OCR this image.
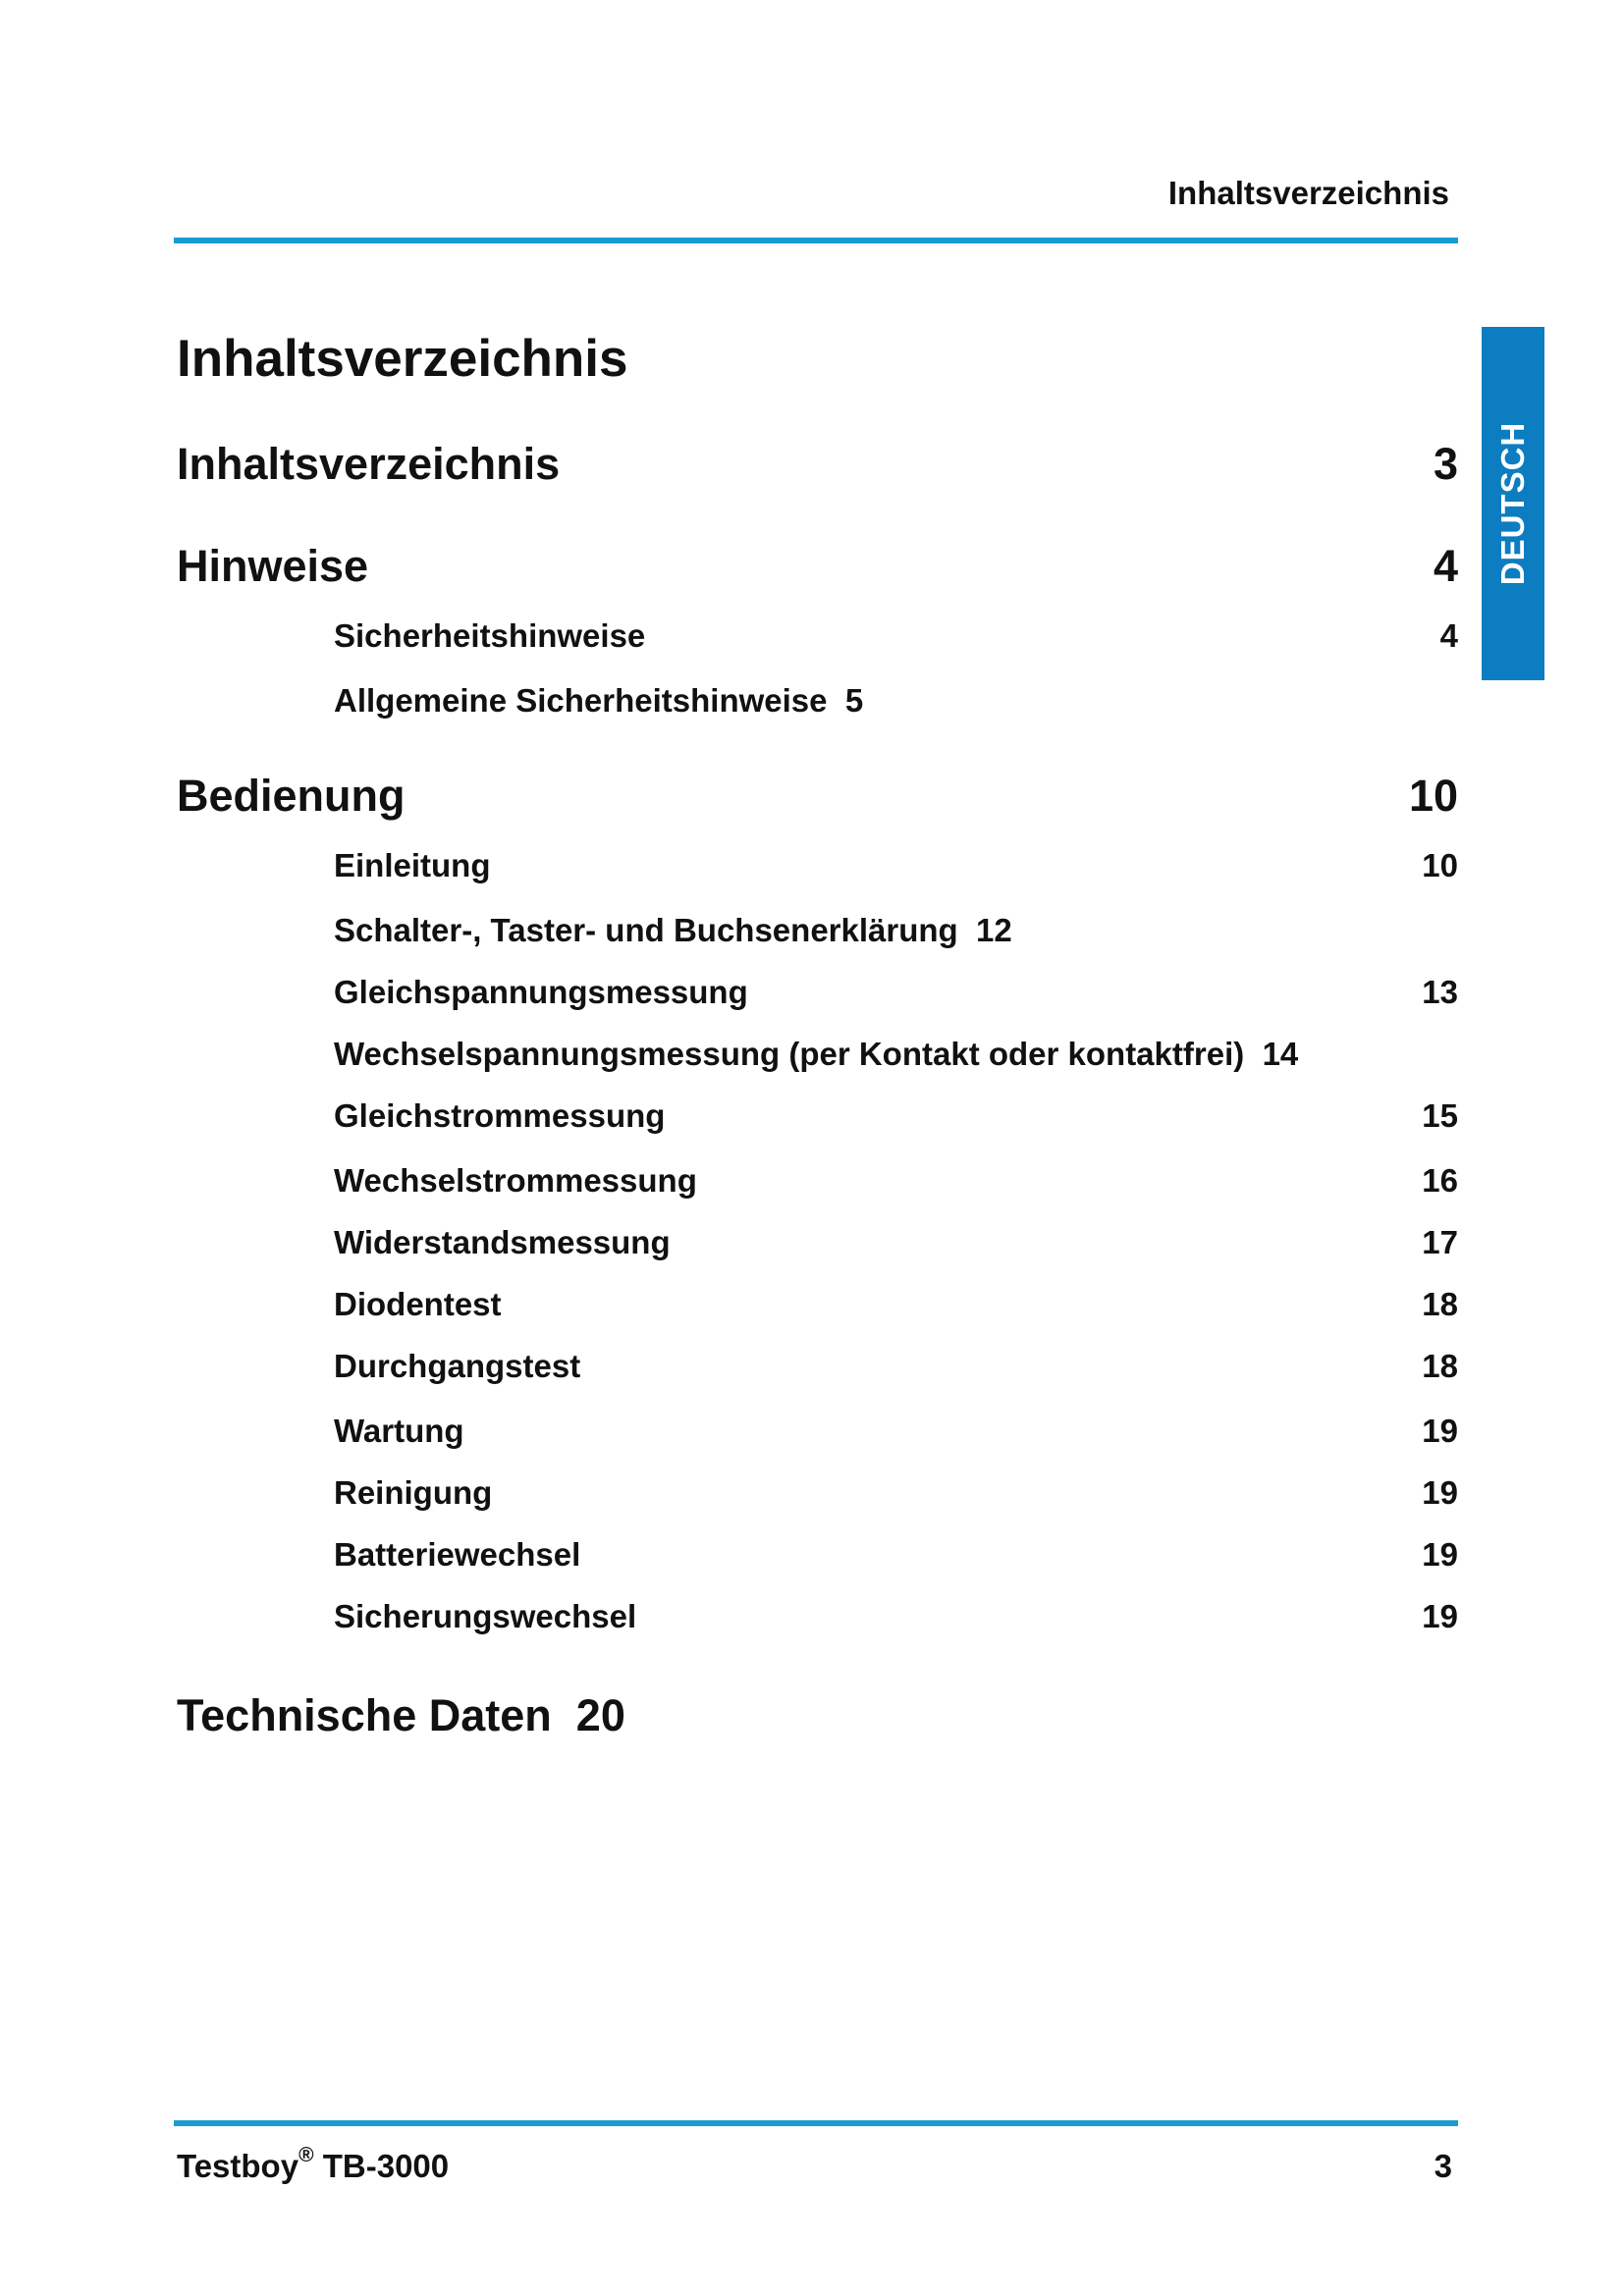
Inhaltsverzeichnis
DEUTSCH
Inhaltsverzeichnis
Inhaltsverzeichnis	3
Hinweise	4
Sicherheitshinweise	4
Allgemeine Sicherheitshinweise 5
Bedienung	10
Einleitung	10
Schalter-, Taster- und Buchsenerklärung 12
Gleichspannungsmessung	13
Wechselspannungsmessung (per Kontakt oder kontaktfrei) 14
Gleichstrommessung	15
Wechselstrommessung	16
Widerstandsmessung	17
Diodentest	18
Durchgangstest	18
Wartung	19
Reinigung	19
Batteriewechsel	19
Sicherungswechsel	19
Technische Daten 20
Testboy® TB-3000	3
